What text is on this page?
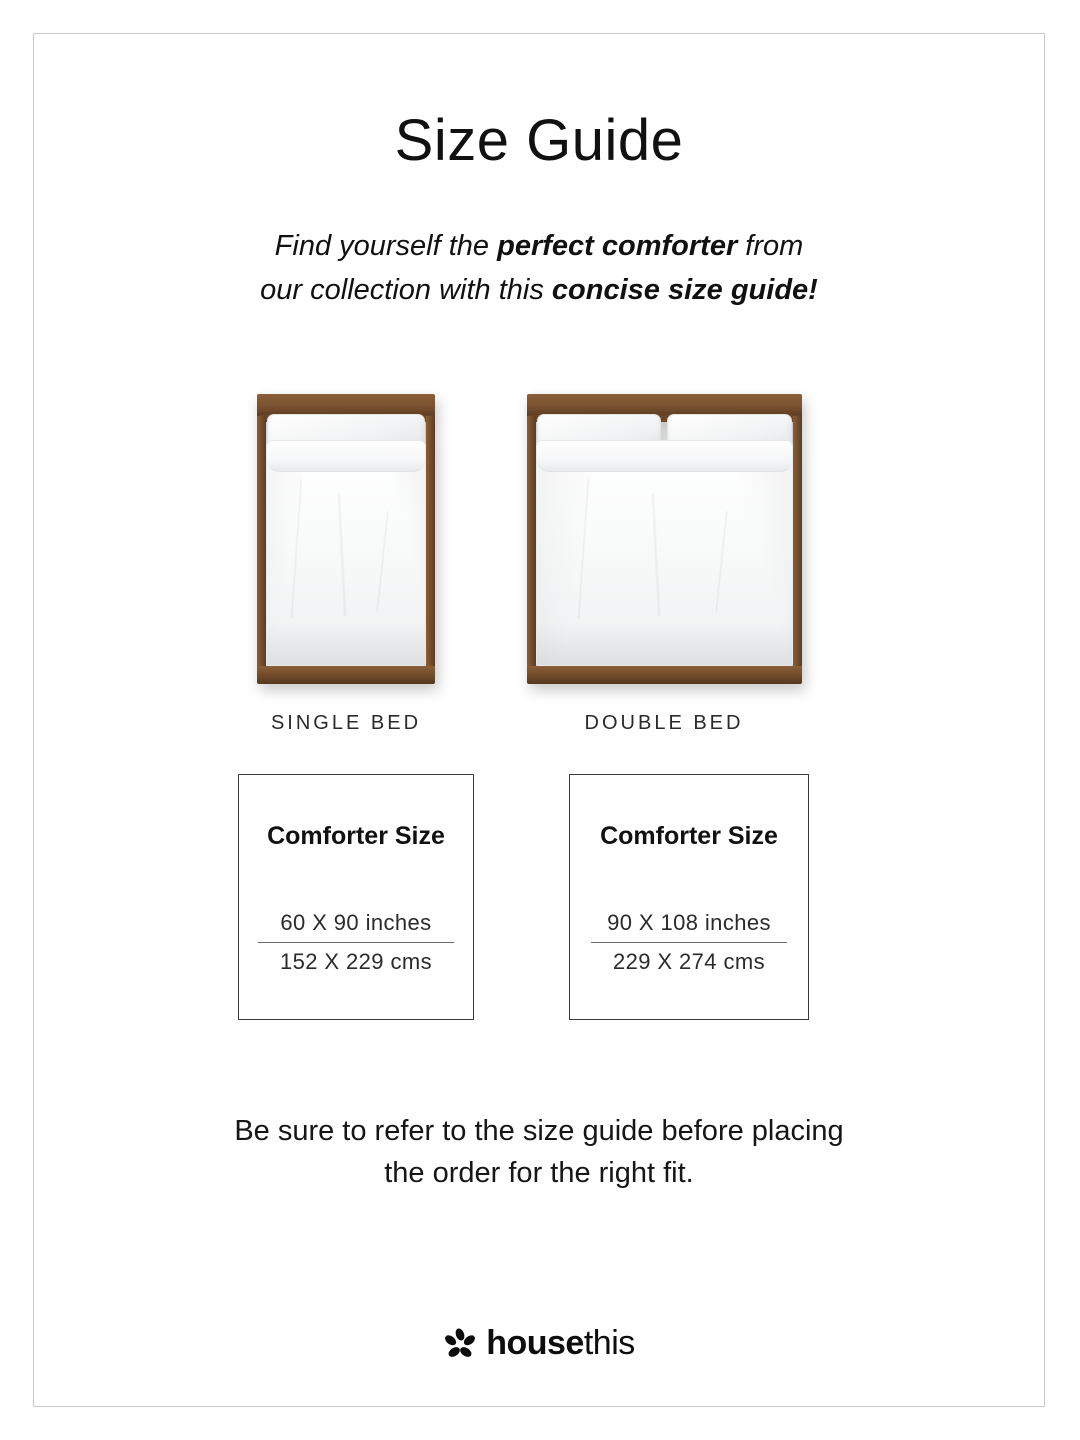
Size Guide
Find yourself the perfect comforter from
our collection with this concise size guide!
SINGLE BED	DOUBLE BED
Comforter Size
60 X 90 inches
152 X 229 cms
Comforter Size
90 X 108 inches
229 X 274 cms
Be sure to refer to the size guide before placing
the order for the right fit.
housethis
